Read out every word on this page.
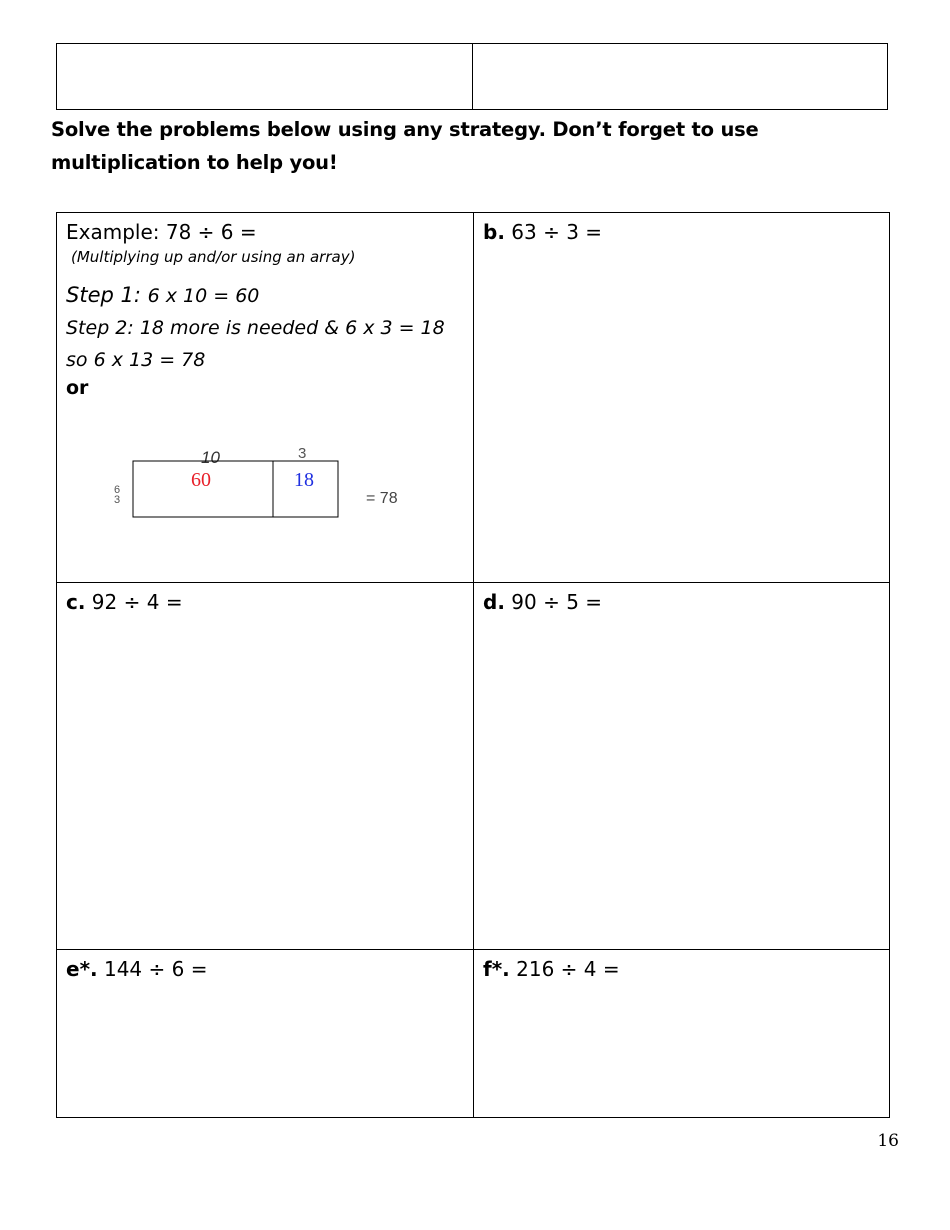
Solve the problems below using any strategy. Don’t forget to use multiplication to help you!
Example: 78 ÷ 6 =
(Multiplying up and/or using an array)
Step 1: 6 x 10 = 60
Step 2: 18 more is needed & 6 x 3 = 18
so 6 x 13 = 78
or
10	3
6
3
60	18
= 78
b. 63 ÷ 3 =
c. 92 ÷ 4 =	d. 90 ÷ 5 =
e*. 144 ÷ 6 =	f*. 216 ÷ 4 =
16
